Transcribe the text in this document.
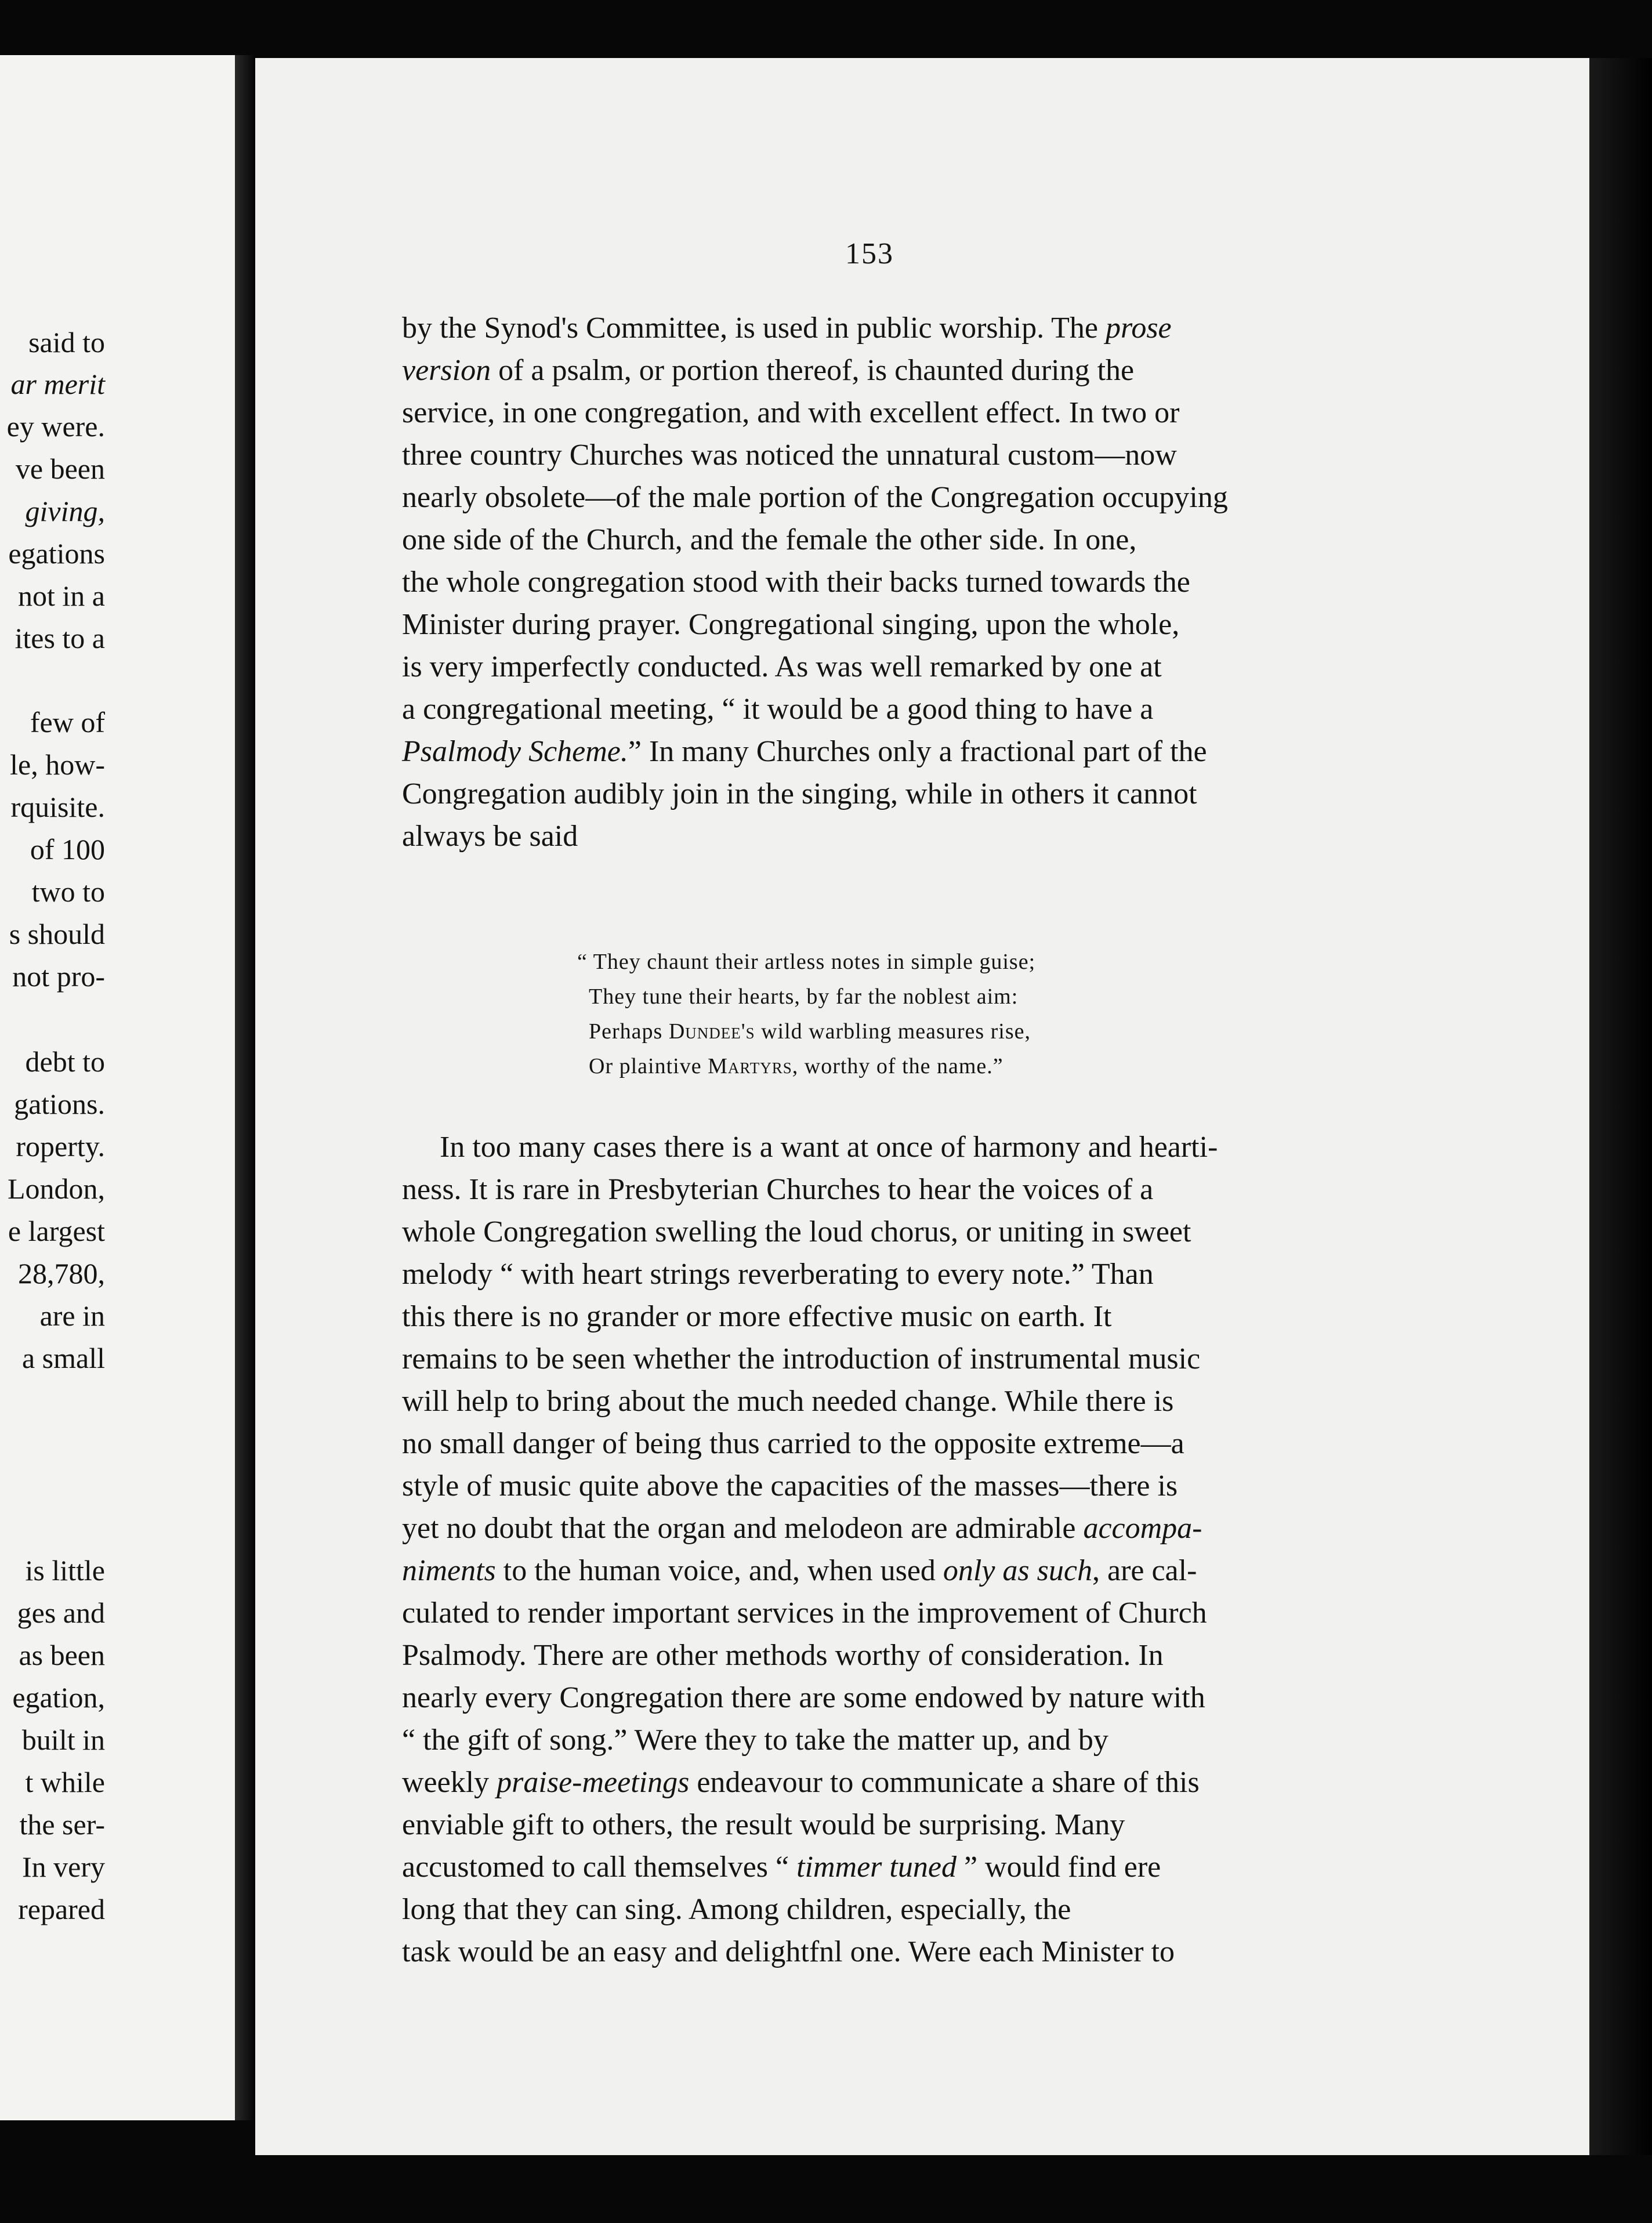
said to
ar merit
ey were.
ve been
giving,
egations
not in a
ites to a
few of
le, how-
rquisite.
of 100
two to
s should
not pro-
debt to
gations.
roperty.
London,
e largest
28,780,
are in
a small
is little
ges and
as been
egation,
built in
t while
the ser-
In very
repared
153
by the Synod's Committee, is used in public worship. The prose
version of a psalm, or portion thereof, is chaunted during the
service, in one congregation, and with excellent effect. In two or
three country Churches was noticed the unnatural custom—now
nearly obsolete—of the male portion of the Congregation occupying
one side of the Church, and the female the other side. In one,
the whole congregation stood with their backs turned towards the
Minister during prayer. Congregational singing, upon the whole,
is very imperfectly conducted. As was well remarked by one at
a congregational meeting, “ it would be a good thing to have a
Psalmody Scheme.” In many Churches only a fractional part of the
Congregation audibly join in the singing, while in others it cannot
always be said
“ They chaunt their artless notes in simple guise;
They tune their hearts, by far the noblest aim:
Perhaps Dundee's wild warbling measures rise,
Or plaintive Martyrs, worthy of the name.”
In too many cases there is a want at once of harmony and hearti-
ness. It is rare in Presbyterian Churches to hear the voices of a
whole Congregation swelling the loud chorus, or uniting in sweet
melody “ with heart strings reverberating to every note.” Than
this there is no grander or more effective music on earth. It
remains to be seen whether the introduction of instrumental music
will help to bring about the much needed change. While there is
no small danger of being thus carried to the opposite extreme—a
style of music quite above the capacities of the masses—there is
yet no doubt that the organ and melodeon are admirable accompa-
niments to the human voice, and, when used only as such, are cal-
culated to render important services in the improvement of Church
Psalmody. There are other methods worthy of consideration. In
nearly every Congregation there are some endowed by nature with
“ the gift of song.” Were they to take the matter up, and by
weekly praise-meetings endeavour to communicate a share of this
enviable gift to others, the result would be surprising. Many
accustomed to call themselves “ timmer tuned ” would find ere
long that they can sing. Among children, especially, the
task would be an easy and delightfnl one. Were each Minister to
